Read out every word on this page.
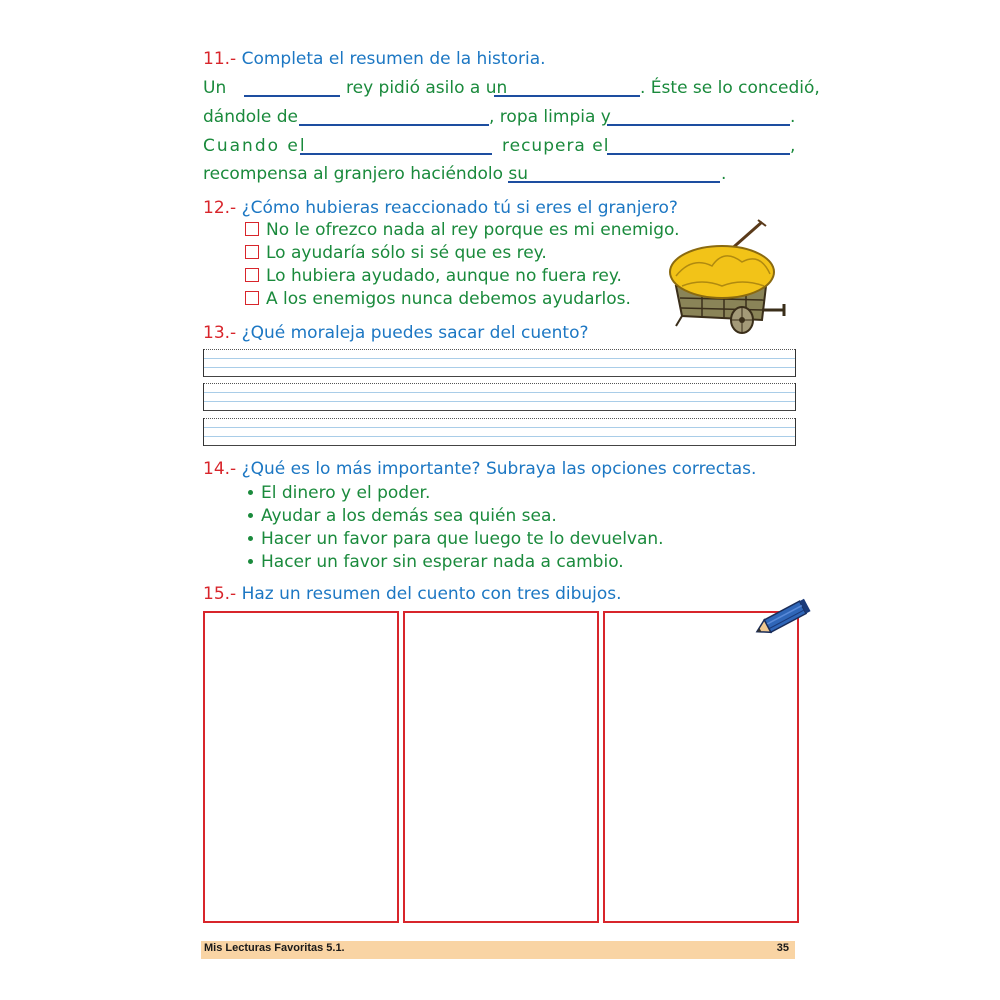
11.- Completa el resumen de la historia.
Un	rey pidió asilo a un	. Éste se lo concedió,
dándole de	, ropa limpia y	.
Cuando el	recupera el	,
recompensa al granjero haciéndolo su	.
12.- ¿Cómo hubieras reaccionado tú si eres el granjero?
No le ofrezco nada al rey porque es mi enemigo.
Lo ayudaría sólo si sé que es rey.
Lo hubiera ayudado, aunque no fuera rey.
A los enemigos nunca debemos ayudarlos.
13.- ¿Qué moraleja puedes sacar del cuento?
14.- ¿Qué es lo más importante? Subraya las opciones correctas.
El dinero y el poder.
Ayudar a los demás sea quién sea.
Hacer un favor para que luego te lo devuelvan.
Hacer un favor sin esperar nada a cambio.
15.- Haz un resumen del cuento con tres dibujos.
Mis Lecturas Favoritas 5.1.	35
